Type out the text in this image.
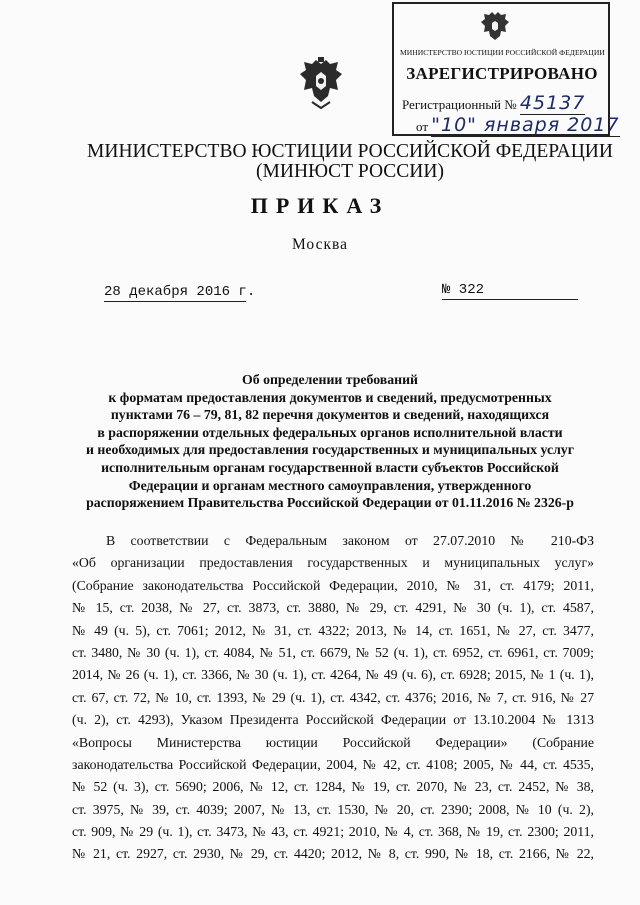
МИНИСТЕРСТВО ЮСТИЦИИ РОССИЙСКОЙ ФЕДЕРАЦИИ
ЗАРЕГИСТРИРОВАНО
Регистрационный № 45137
от "10" января 2017
МИНИСТЕРСТВО ЮСТИЦИИ РОССИЙСКОЙ ФЕДЕРАЦИИ
(МИНЮСТ РОССИИ)
ПРИКАЗ
Москва
28 декабря 2016 г.	№ 322
Об определении требований
к форматам предоставления документов и сведений, предусмотренных
пунктами 76 – 79, 81, 82 перечня документов и сведений, находящихся
в распоряжении отдельных федеральных органов исполнительной власти
и необходимых для предоставления государственных и муниципальных услуг
исполнительным органам государственной власти субъектов Российской
Федерации и органам местного самоуправления, утвержденного
распоряжением Правительства Российской Федерации от 01.11.2016 № 2326-р
В соответствии с Федеральным законом от 27.07.2010 № 210-ФЗ
«Об организации предоставления государственных и муниципальных услуг»
(Собрание законодательства Российской Федерации, 2010, № 31, ст. 4179; 2011,
№ 15, ст. 2038, № 27, ст. 3873, ст. 3880, № 29, ст. 4291, № 30 (ч. 1), ст. 4587,
№ 49 (ч. 5), ст. 7061; 2012, № 31, ст. 4322; 2013, № 14, ст. 1651, № 27, ст. 3477,
ст. 3480, № 30 (ч. 1), ст. 4084, № 51, ст. 6679, № 52 (ч. 1), ст. 6952, ст. 6961, ст. 7009;
2014, № 26 (ч. 1), ст. 3366, № 30 (ч. 1), ст. 4264, № 49 (ч. 6), ст. 6928; 2015, № 1 (ч. 1),
ст. 67, ст. 72, № 10, ст. 1393, № 29 (ч. 1), ст. 4342, ст. 4376; 2016, № 7, ст. 916, № 27
(ч. 2), ст. 4293), Указом Президента Российской Федерации от 13.10.2004 № 1313
«Вопросы Министерства юстиции Российской Федерации» (Собрание
законодательства Российской Федерации, 2004, № 42, ст. 4108; 2005, № 44, ст. 4535,
№ 52 (ч. 3), ст. 5690; 2006, № 12, ст. 1284, № 19, ст. 2070, № 23, ст. 2452, № 38,
ст. 3975, № 39, ст. 4039; 2007, № 13, ст. 1530, № 20, ст. 2390; 2008, № 10 (ч. 2),
ст. 909, № 29 (ч. 1), ст. 3473, № 43, ст. 4921; 2010, № 4, ст. 368, № 19, ст. 2300; 2011,
№ 21, ст. 2927, ст. 2930, № 29, ст. 4420; 2012, № 8, ст. 990, № 18, ст. 2166, № 22,
